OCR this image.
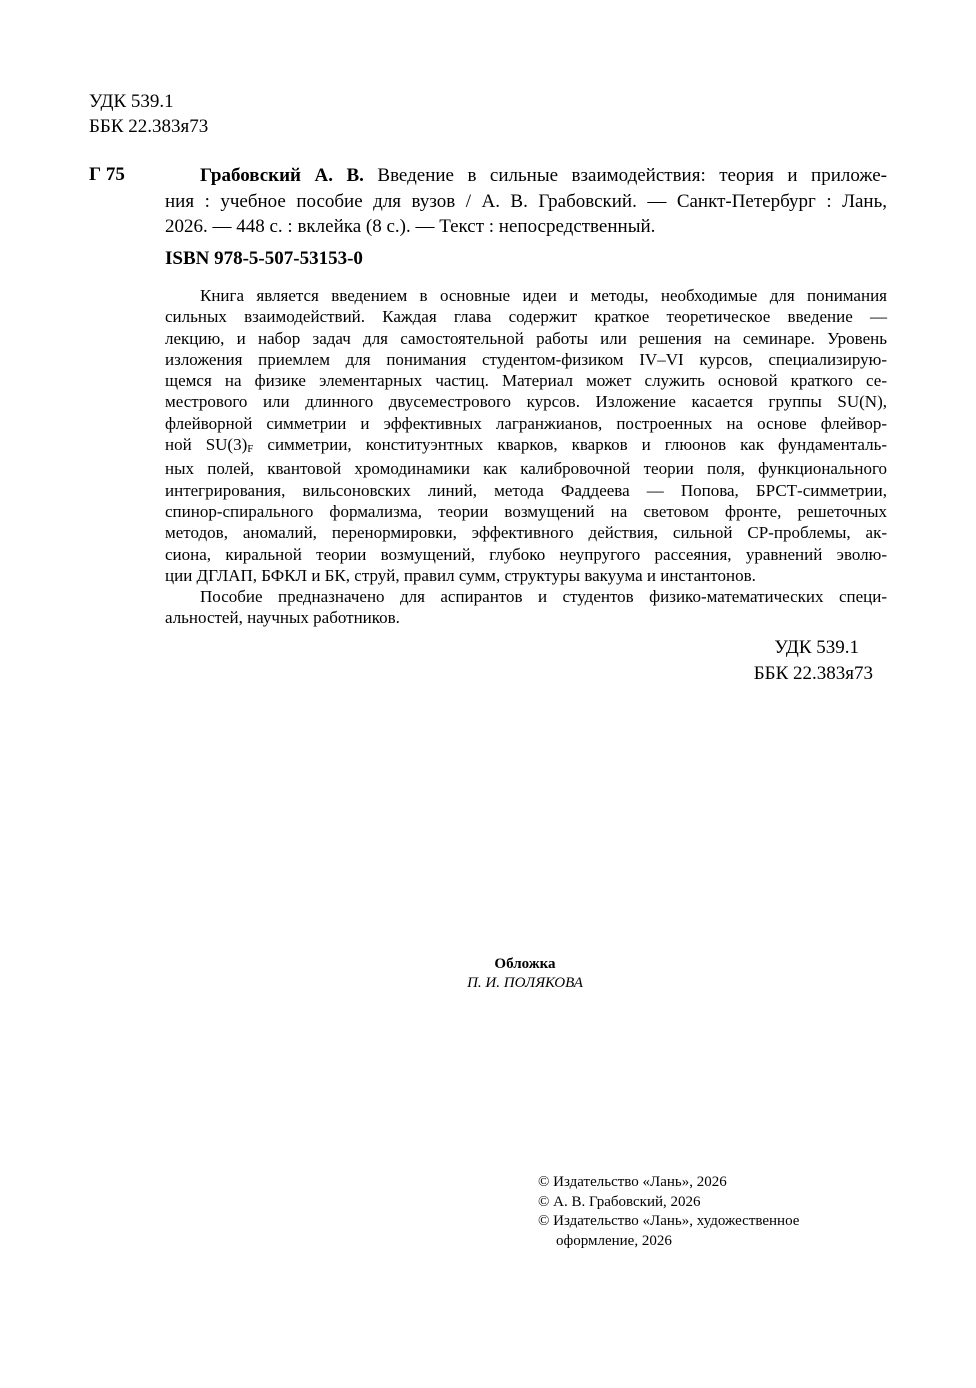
УДК 539.1
ББК 22.383я73
Г 75	Грабовский А. В. Введение в сильные взаимодействия: теория и приложе-
ния : учебное пособие для вузов / А. В. Грабовский. — Санкт-Петербург : Лань,
2026. — 448 с. : вклейка (8 с.). — Текст : непосредственный.
ISBN 978-5-507-53153-0
Книга является введением в основные идеи и методы, необходимые для понимания
сильных взаимодействий. Каждая глава содержит краткое теоретическое введение —
лекцию, и набор задач для самостоятельной работы или решения на семинаре. Уровень
изложения приемлем для понимания студентом-физиком IV–VI курсов, специализирую-
щемся на физике элементарных частиц. Материал может служить основой краткого се-
местрового или длинного двусеместрового курсов. Изложение касается группы SU(N),
флейворной симметрии и эффективных лагранжианов, построенных на основе флейвор-
ной $SU(3)_F$ симметрии, конституэнтных кварков, кварков и глюонов как фундаменталь-
ных полей, квантовой хромодинамики как калибровочной теории поля, функционального
интегрирования, вильсоновских линий, метода Фаддеева — Попова, БРСТ-симметрии,
спинор-спирального формализма, теории возмущений на световом фронте, решеточных
методов, аномалий, перенормировки, эффективного действия, сильной CP-проблемы, ак-
сиона, киральной теории возмущений, глубоко неупругого рассеяния, уравнений эволю-
ции ДГЛАП, БФКЛ и БК, струй, правил сумм, структуры вакуума и инстантонов.
Пособие предназначено для аспирантов и студентов физико-математических специ-
альностей, научных работников.
УДК 539.1
ББК 22.383я73
Обложка
П. И. ПОЛЯКОВА
© Издательство «Лань», 2026
© А. В. Грабовский, 2026
© Издательство «Лань», художественное
оформление, 2026
